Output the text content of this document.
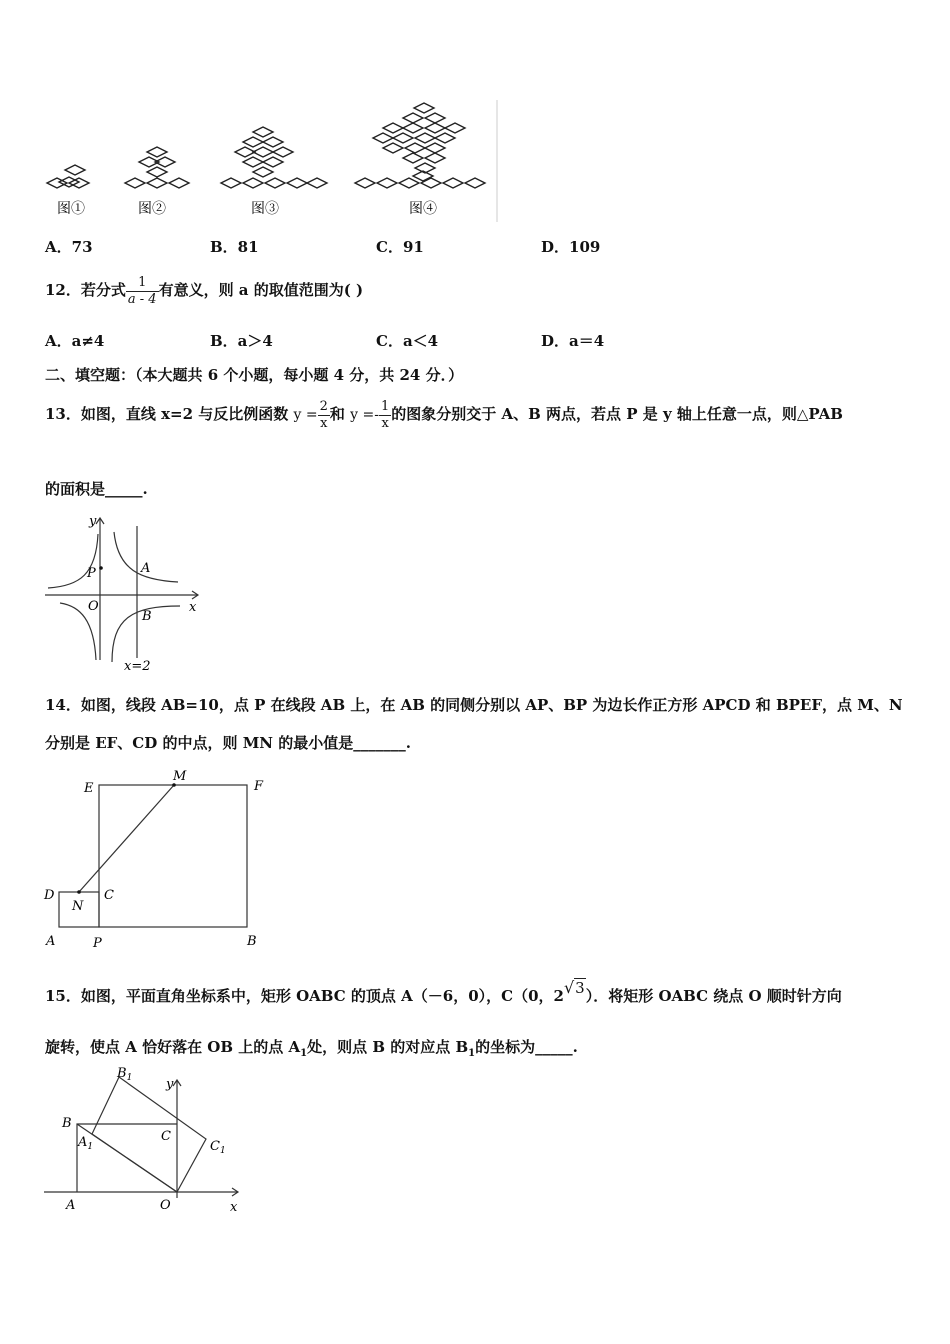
图①	图②	图③	图④
A．73	B．81	C．91	D．109
12．若分式 $\frac{1}{a - 4}$ 有意义，则 a 的取值范围为( )
A．a≠4	B．a＞4	C．a＜4	D．a＝4
二、填空题：（本大题共 6 个小题，每小题 4 分，共 24 分．）
13．如图，直线 x=2 与反比例函数 $y = \frac{2}{x}$ 和 $y =- \frac{1}{x}$ 的图象分别交于 A、B 两点，若点 P 是 y 轴上任意一点，则△PAB
的面积是_____.
y
x
O
P	A
B
x=2
14．如图，线段 AB=10，点 P 在线段 AB 上，在 AB 的同侧分别以 AP、BP 为边长作正方形 APCD 和 BPEF，点 M、N
分别是 EF、CD 的中点，则 MN 的最小值是_______.
E	F
M
D
N
C
A	P	B
15．如图，平面直角坐标系中，矩形 OABC 的顶点 A（－6，0），C（0，2√3）．将矩形 OABC 绕点 O 顺时针方向
旋转，使点 A 恰好落在 OB 上的点 $A_1$处，则点 B 的对应点 $B_1$的坐标为_____.
$B_1$	y
B
$A_1$
C
$C_1$
A	O	x
